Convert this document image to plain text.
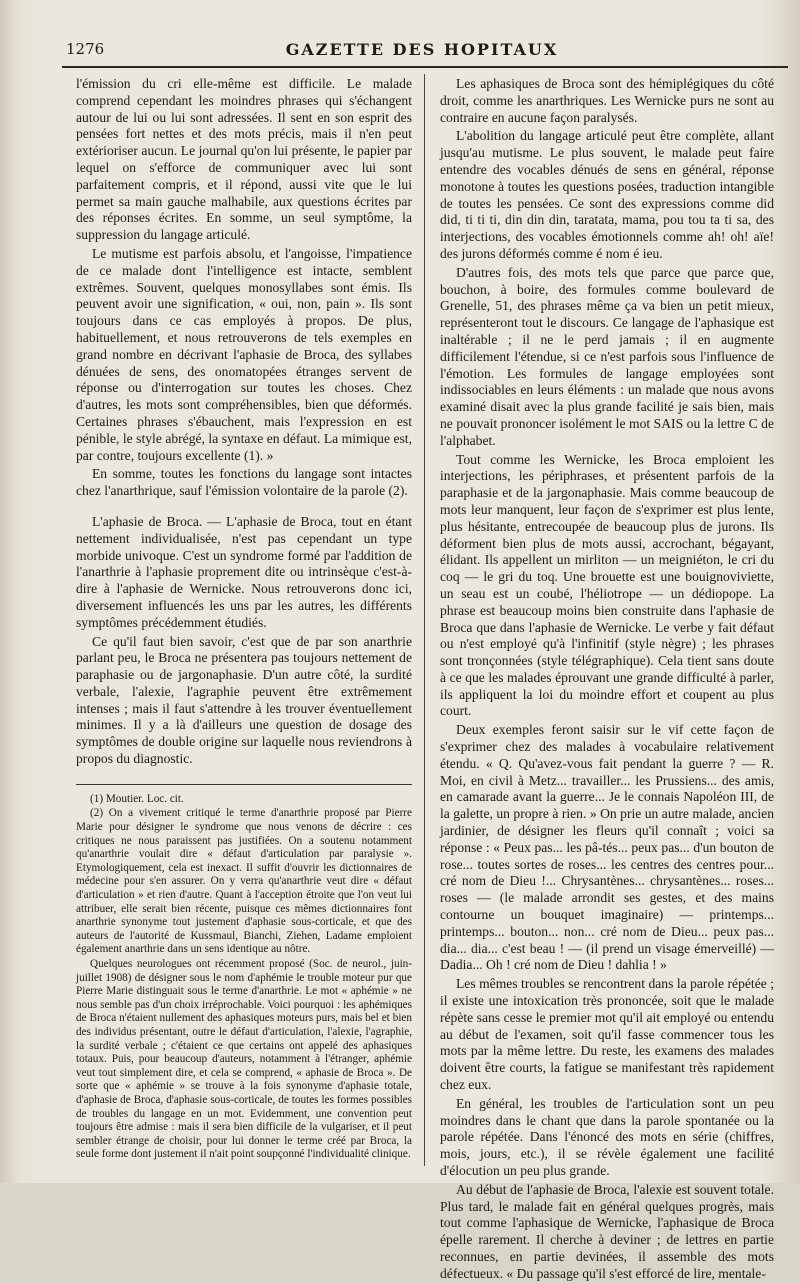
1276	GAZETTE DES HOPITAUX

l'émission du cri elle-même est difficile. Le malade comprend cependant les moindres phrases qui s'échangent autour de lui ou lui sont adressées. Il sent en son esprit des pensées fort nettes et des mots précis, mais il n'en peut extérioriser aucun. Le journal qu'on lui présente, le papier par lequel on s'efforce de communiquer avec lui sont parfaitement compris, et il répond, aussi vite que le lui permet sa main gauche malhabile, aux questions écrites par des réponses écrites. En somme, un seul symptôme, la suppression du langage articulé.

Le mutisme est parfois absolu, et l'angoisse, l'impatience de ce malade dont l'intelligence est intacte, semblent extrêmes. Souvent, quelques monosyllabes sont émis. Ils peuvent avoir une signification, « oui, non, pain ». Ils sont toujours dans ce cas employés à propos. De plus, habituellement, et nous retrouverons de tels exemples en grand nombre en décrivant l'aphasie de Broca, des syllabes dénuées de sens, des onomatopées étranges servent de réponse ou d'interrogation sur toutes les choses. Chez d'autres, les mots sont compréhensibles, bien que déformés. Certaines phrases s'ébauchent, mais l'expression en est pénible, le style abrégé, la syntaxe en défaut. La mimique est, par contre, toujours excellente (1). »

En somme, toutes les fonctions du langage sont intactes chez l'anarthrique, sauf l'émission volontaire de la parole (2).

L'aphasie de Broca. — L'aphasie de Broca, tout en étant nettement individualisée, n'est pas cependant un type morbide univoque. C'est un syndrome formé par l'addition de l'anarthrie à l'aphasie proprement dite ou intrinsèque c'est-à-dire à l'aphasie de Wernicke. Nous retrouverons donc ici, diversement influencés les uns par les autres, les différents symptômes précédemment étudiés.

Ce qu'il faut bien savoir, c'est que de par son anarthrie parlant peu, le Broca ne présentera pas toujours nettement de paraphasie ou de jargonaphasie. D'un autre côté, la surdité verbale, l'alexie, l'agraphie peuvent être extrêmement intenses ; mais il faut s'attendre à les trouver éventuellement minimes. Il y a là d'ailleurs une question de dosage des symptômes de double origine sur laquelle nous reviendrons à propos du diagnostic.

(1) Moutier. Loc. cit.

(2) On a vivement critiqué le terme d'anarthrie proposé par Pierre Marie pour désigner le syndrome que nous venons de décrire : ces critiques ne nous paraissent pas justifiées. On a soutenu notamment qu'anarthrie voulait dire « défaut d'articulation par paralysie ». Etymologiquement, cela est inexact. Il suffit d'ouvrir les dictionnaires de médecine pour s'en assurer. On y verra qu'anarthrie veut dire « défaut d'articulation » et rien d'autre. Quant à l'acception étroite que l'on veut lui attribuer, elle serait bien récente, puisque ces mêmes dictionnaires font anarthrie synonyme tout justement d'aphasie sous-corticale, et que des auteurs de l'autorité de Kussmaul, Bianchi, Ziehen, Ladame emploient également anarthrie dans un sens identique au nôtre.

Quelques neurologues ont récemment proposé (Soc. de neurol., juin-juillet 1908) de désigner sous le nom d'aphémie le trouble moteur pur que Pierre Marie distinguait sous le terme d'anarthrie. Le mot « aphémie » ne nous semble pas d'un choix irréprochable. Voici pourquoi : les aphémiques de Broca n'étaient nullement des aphasiques moteurs purs, mais bel et bien des individus présentant, outre le défaut d'articulation, l'alexie, l'agraphie, la surdité verbale ; c'étaient ce que certains ont appelé des aphasiques totaux. Puis, pour beaucoup d'auteurs, notamment à l'étranger, aphémie veut tout simplement dire, et cela se comprend, « aphasie de Broca ». De sorte que « aphémie » se trouve à la fois synonyme d'aphasie totale, d'aphasie de Broca, d'aphasie sous-corticale, de toutes les formes possibles de troubles du langage en un mot. Evidemment, une convention peut toujours être admise : mais il sera bien difficile de la vulgariser, et il peut sembler étrange de choisir, pour lui donner le terme créé par Broca, la seule forme dont justement il n'ait point soupçonné l'individualité clinique.

Les aphasiques de Broca sont des hémiplégiques du côté droit, comme les anarthriques. Les Wernicke purs ne sont au contraire en aucune façon paralysés.

L'abolition du langage articulé peut être complète, allant jusqu'au mutisme. Le plus souvent, le malade peut faire entendre des vocables dénués de sens en général, réponse monotone à toutes les questions posées, traduction intangible de toutes les pensées. Ce sont des expressions comme did did, ti ti ti, din din din, taratata, mama, pou tou ta ti sa, des interjections, des vocables émotionnels comme ah! oh! aïe! des jurons déformés comme é nom é ieu.

D'autres fois, des mots tels que parce que parce que, bouchon, à boire, des formules comme boulevard de Grenelle, 51, des phrases même ça va bien un petit mieux, représenteront tout le discours. Ce langage de l'aphasique est inaltérable ; il ne le perd jamais ; il en augmente difficilement l'étendue, si ce n'est parfois sous l'influence de l'émotion. Les formules de langage employées sont indissociables en leurs éléments : un malade que nous avons examiné disait avec la plus grande facilité je sais bien, mais ne pouvait prononcer isolément le mot SAIS ou la lettre C de l'alphabet.

Tout comme les Wernicke, les Broca emploient les interjections, les périphrases, et présentent parfois de la paraphasie et de la jargonaphasie. Mais comme beaucoup de mots leur manquent, leur façon de s'exprimer est plus lente, plus hésitante, entrecoupée de beaucoup plus de jurons. Ils déforment bien plus de mots aussi, accrochant, bégayant, élidant. Ils appellent un mirliton — un meigniéton, le cri du coq — le gri du toq. Une brouette est une bouignoviviette, un seau est un coubé, l'héliotrope — un dédiopope. La phrase est beaucoup moins bien construite dans l'aphasie de Broca que dans l'aphasie de Wernicke. Le verbe y fait défaut ou n'est employé qu'à l'infinitif (style nègre) ; les phrases sont tronçonnées (style télégraphique). Cela tient sans doute à ce que les malades éprouvant une grande difficulté à parler, ils appliquent la loi du moindre effort et coupent au plus court.

Deux exemples feront saisir sur le vif cette façon de s'exprimer chez des malades à vocabulaire relativement étendu. « Q. Qu'avez-vous fait pendant la guerre ? — R. Moi, en civil à Metz... travailler... les Prussiens... des amis, en camarade avant la guerre... Je le connais Napoléon III, de la galette, un propre à rien. » On prie un autre malade, ancien jardinier, de désigner les fleurs qu'il connaît ; voici sa réponse : « Peux pas... les pâ-tés... peux pas... d'un bouton de rose... toutes sortes de roses... les centres des centres pour... cré nom de Dieu !... Chrysantènes... chrysantènes... roses... roses — (le malade arrondit ses gestes, et des mains contourne un bouquet imaginaire) — printemps... printemps... bouton... non... cré nom de Dieu... peux pas... dia... dia... c'est beau ! — (il prend un visage émerveillé) — Dadia... Oh ! cré nom de Dieu ! dahlia ! »

Les mêmes troubles se rencontrent dans la parole répétée ; il existe une intoxication très prononcée, soit que le malade répète sans cesse le premier mot qu'il ait employé ou entendu au début de l'examen, soit qu'il fasse commencer tous les mots par la même lettre. Du reste, les examens des malades doivent être courts, la fatigue se manifestant très rapidement chez eux.

En général, les troubles de l'articulation sont un peu moindres dans le chant que dans la parole spontanée ou la parole répétée. Dans l'énoncé des mots en série (chiffres, mois, jours, etc.), il se révèle également une facilité d'élocution un peu plus grande.

Au début de l'aphasie de Broca, l'alexie est souvent totale. Plus tard, le malade fait en général quelques progrès, mais tout comme l'aphasique de Wernicke, l'aphasique de Broca épelle rarement. Il cherche à deviner ; de lettres en partie reconnues, en partie devinées, il assemble des mots défectueux. « Du passage qu'il s'est efforcé de lire, mentale-
